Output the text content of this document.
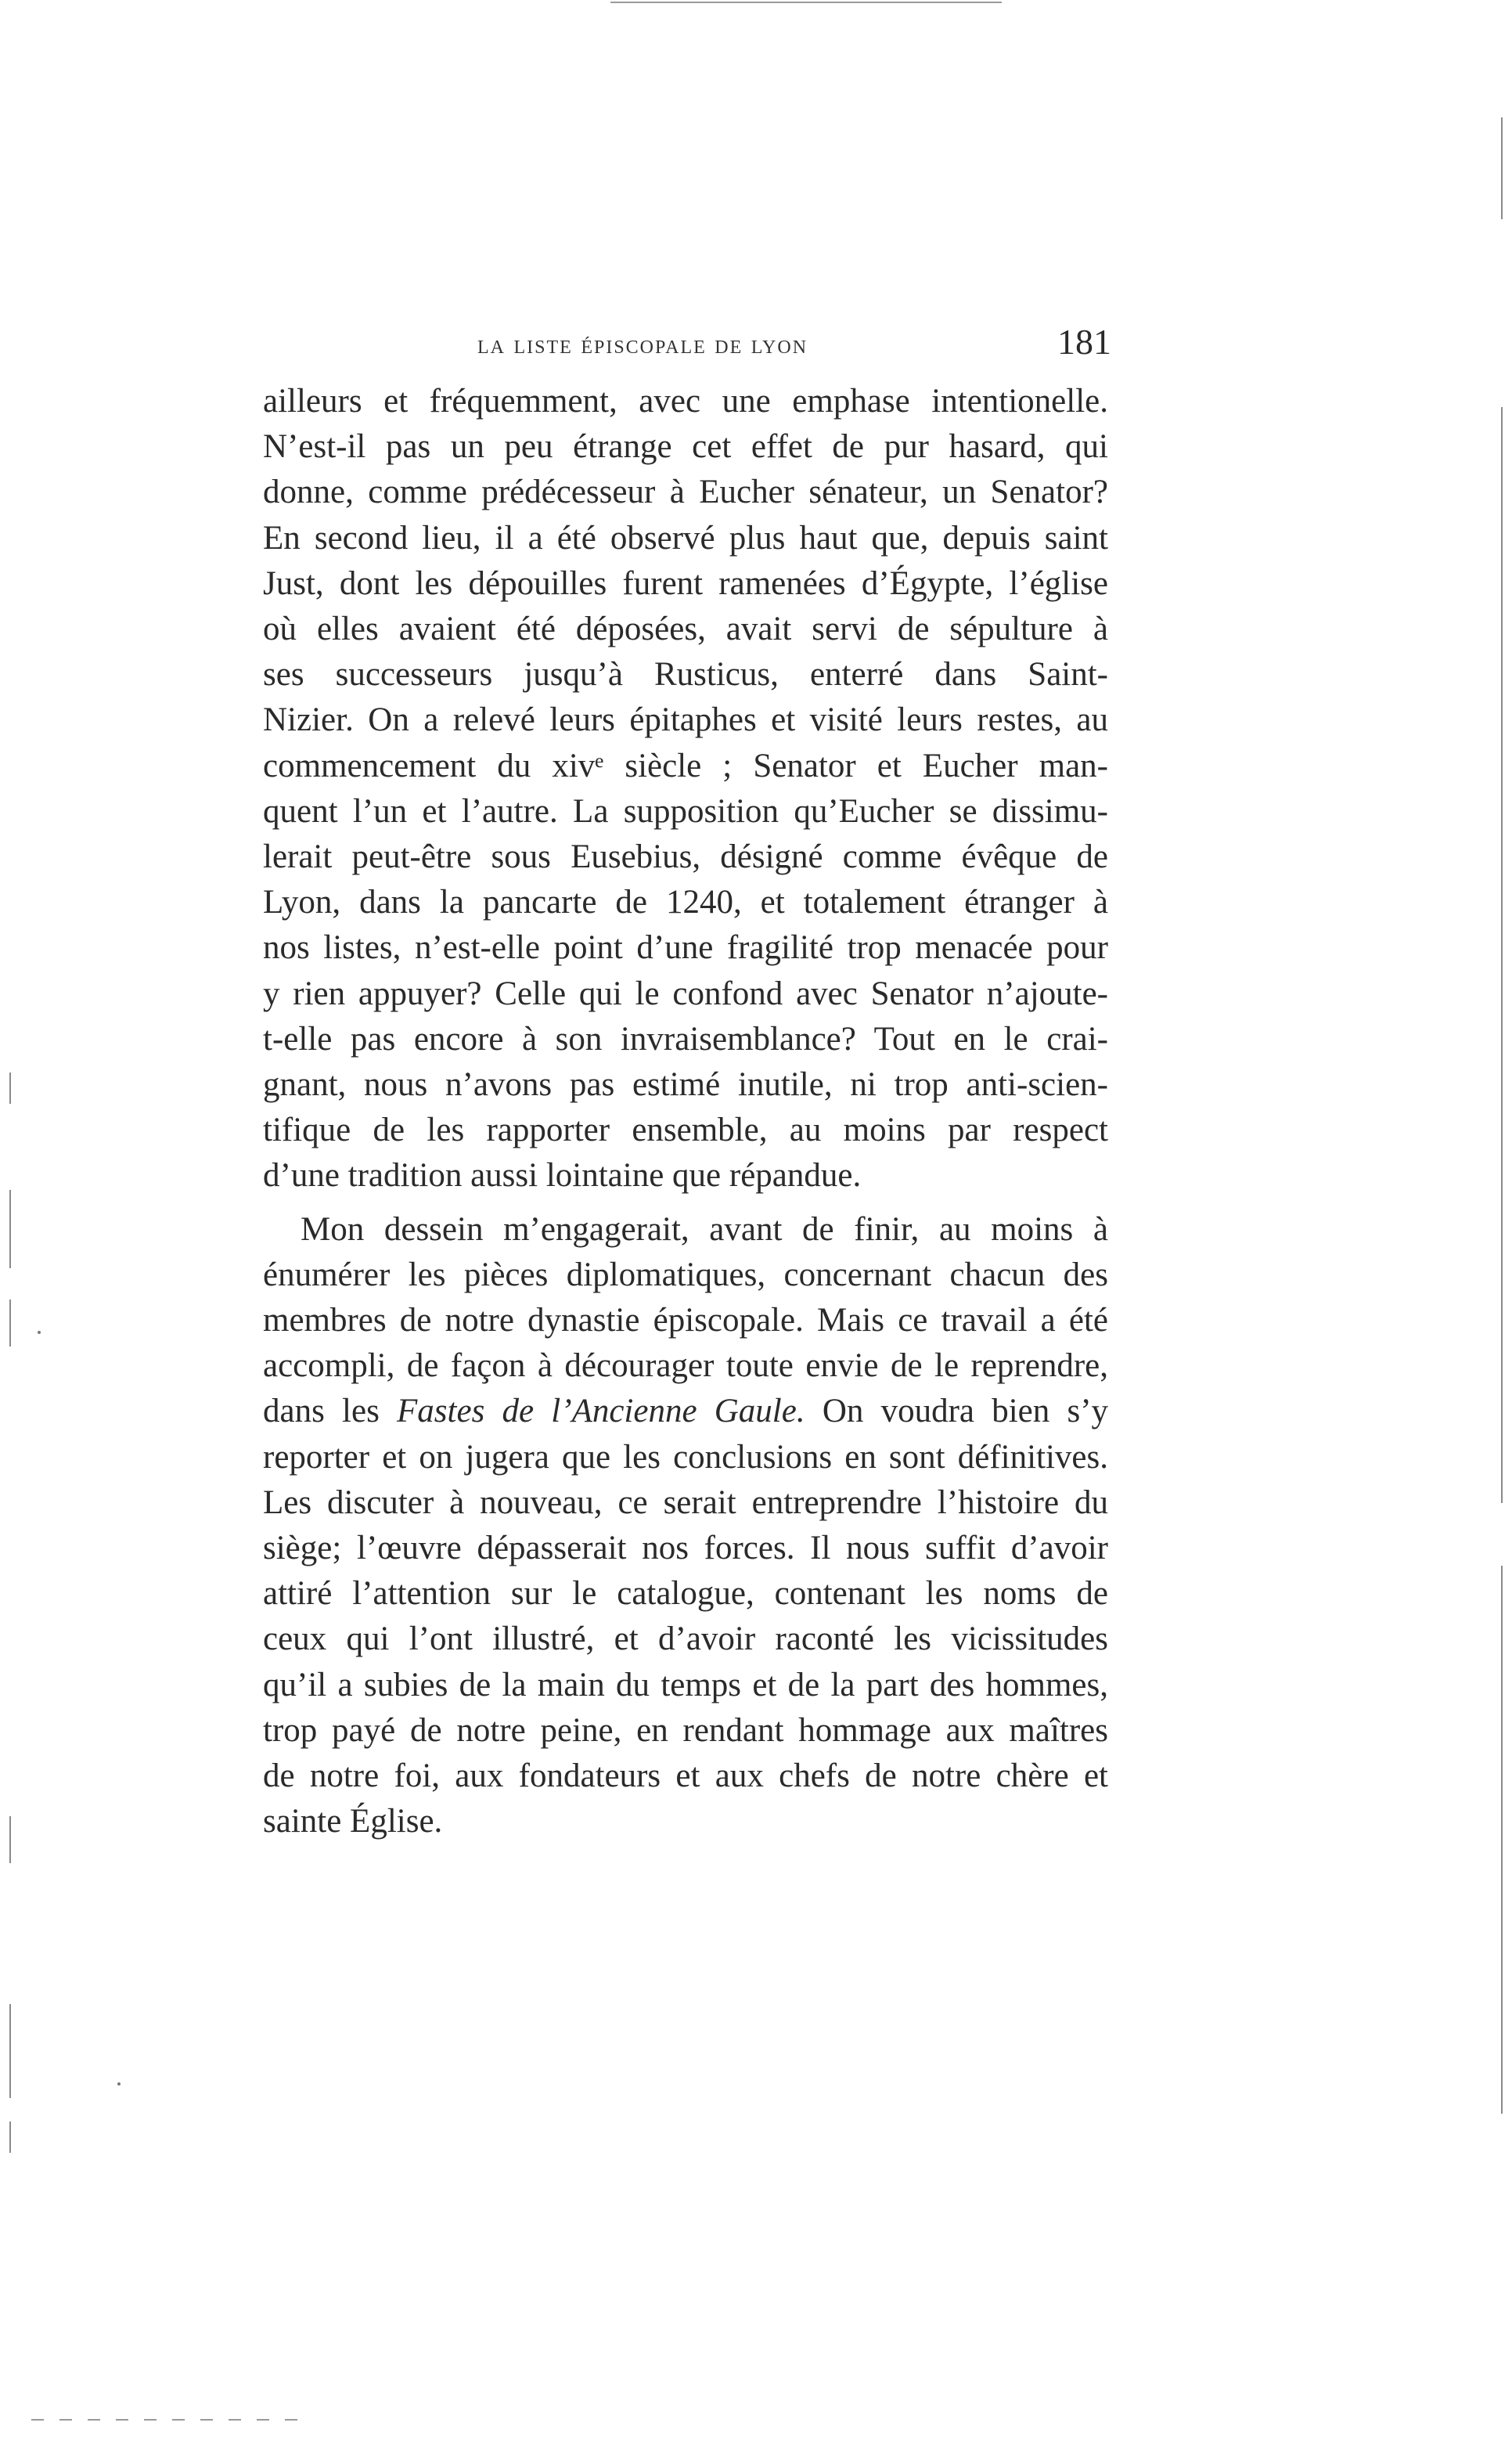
la liste épiscopale de lyon	181
ailleurs et fréquemment, avec une emphase intentionelle.
N’est-il pas un peu étrange cet effet de pur hasard, qui
donne, comme prédécesseur à Eucher sénateur, un Senator?
En second lieu, il a été observé plus haut que, depuis saint
Just, dont les dépouilles furent ramenées d’Égypte, l’église
où elles avaient été déposées, avait servi de sépulture à
ses successeurs jusqu’à Rusticus, enterré dans Saint-
Nizier. On a relevé leurs épitaphes et visité leurs restes, au
commencement du xivᵉ siècle ; Senator et Eucher man-
quent l’un et l’autre. La supposition qu’Eucher se dissimu-
lerait peut-être sous Eusebius, désigné comme évêque de
Lyon, dans la pancarte de 1240, et totalement étranger à
nos listes, n’est-elle point d’une fragilité trop menacée pour
y rien appuyer? Celle qui le confond avec Senator n’ajoute-
t-elle pas encore à son invraisemblance? Tout en le crai-
gnant, nous n’avons pas estimé inutile, ni trop anti-scien-
tifique de les rapporter ensemble, au moins par respect
d’une tradition aussi lointaine que répandue.
Mon dessein m’engagerait, avant de finir, au moins à
énumérer les pièces diplomatiques, concernant chacun des
membres de notre dynastie épiscopale. Mais ce travail a été
accompli, de façon à décourager toute envie de le reprendre,
dans les Fastes de l’Ancienne Gaule. On voudra bien s’y
reporter et on jugera que les conclusions en sont définitives.
Les discuter à nouveau, ce serait entreprendre l’histoire du
siège; l’œuvre dépasserait nos forces. Il nous suffit d’avoir
attiré l’attention sur le catalogue, contenant les noms de
ceux qui l’ont illustré, et d’avoir raconté les vicissitudes
qu’il a subies de la main du temps et de la part des hommes,
trop payé de notre peine, en rendant hommage aux maîtres
de notre foi, aux fondateurs et aux chefs de notre chère et
sainte Église.
